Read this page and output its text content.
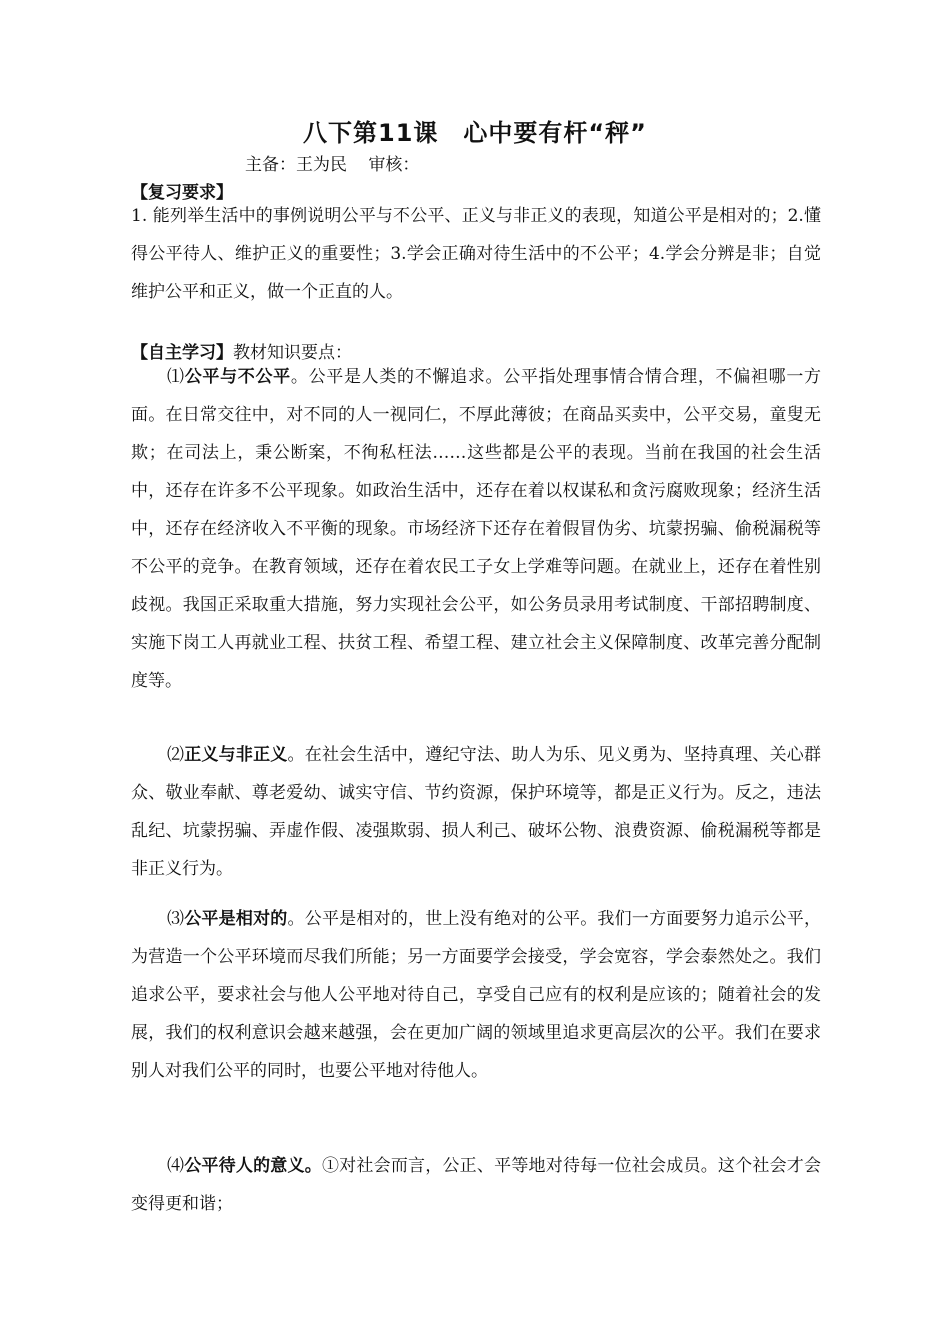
八下第11课　心中要有杆“秤”
主备：王为民 审核：
【复习要求】
1. 能列举生活中的事例说明公平与不公平、正义与非正义的表现，知道公平是相对的；2.懂得公平待人、维护正义的重要性；3.学会正确对待生活中的不公平；4.学会分辨是非；自觉维护公平和正义，做一个正直的人。
【自主学习】教材知识要点：
⑴公平与不公平。公平是人类的不懈追求。公平指处理事情合情合理，不偏袒哪一方面。在日常交往中，对不同的人一视同仁，不厚此薄彼；在商品买卖中，公平交易，童叟无欺；在司法上，秉公断案，不徇私枉法……这些都是公平的表现。当前在我国的社会生活中，还存在许多不公平现象。如政治生活中，还存在着以权谋私和贪污腐败现象；经济生活中，还存在经济收入不平衡的现象。市场经济下还存在着假冒伪劣、坑蒙拐骗、偷税漏税等不公平的竞争。在教育领域，还存在着农民工子女上学难等问题。在就业上，还存在着性别歧视。我国正采取重大措施，努力实现社会公平，如公务员录用考试制度、干部招聘制度、实施下岗工人再就业工程、扶贫工程、希望工程、建立社会主义保障制度、改革完善分配制度等。
⑵正义与非正义。在社会生活中，遵纪守法、助人为乐、见义勇为、坚持真理、关心群众、敬业奉献、尊老爱幼、诚实守信、节约资源，保护环境等，都是正义行为。反之，违法乱纪、坑蒙拐骗、弄虚作假、凌强欺弱、损人利己、破坏公物、浪费资源、偷税漏税等都是非正义行为。
⑶公平是相对的。公平是相对的，世上没有绝对的公平。我们一方面要努力追示公平，为营造一个公平环境而尽我们所能；另一方面要学会接受，学会宽容，学会泰然处之。我们追求公平，要求社会与他人公平地对待自己，享受自己应有的权利是应该的；随着社会的发展，我们的权利意识会越来越强，会在更加广阔的领域里追求更高层次的公平。我们在要求别人对我们公平的同时，也要公平地对待他人。
⑷公平待人的意义。①对社会而言，公正、平等地对待每一位社会成员。这个社会才会变得更和谐；
